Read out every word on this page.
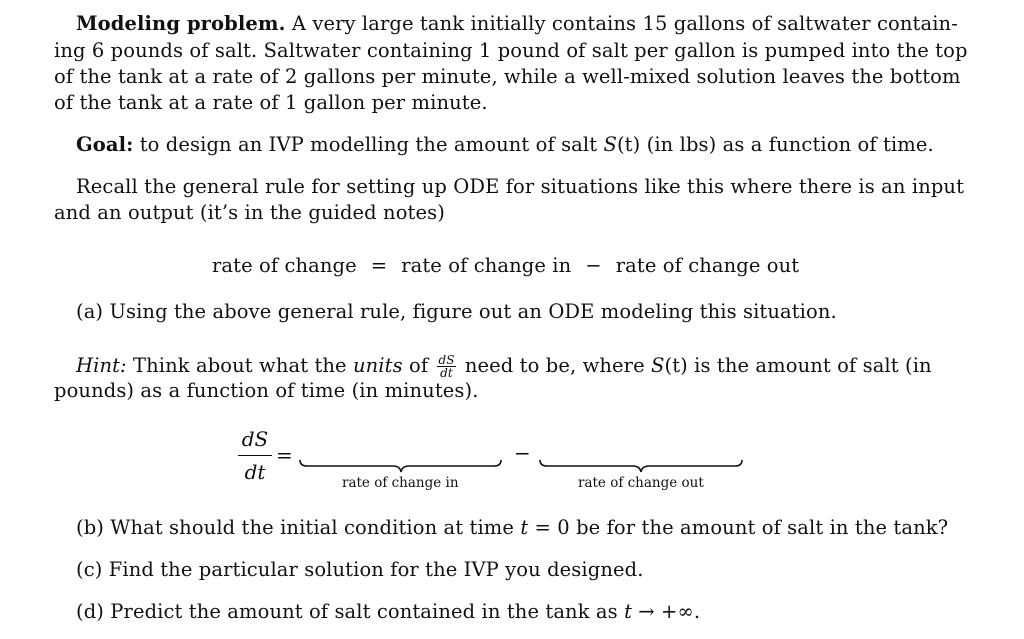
Modeling problem. A very large tank initially contains 15 gallons of saltwater contain-
ing 6 pounds of salt. Saltwater containing 1 pound of salt per gallon is pumped into the top
of the tank at a rate of 2 gallons per minute, while a well-mixed solution leaves the bottom
of the tank at a rate of 1 gallon per minute.
Goal: to design an IVP modelling the amount of salt S(t) (in lbs) as a function of time.
Recall the general rule for setting up ODE for situations like this where there is an input
and an output (it’s in the guided notes)
rate of change = rate of change in − rate of change out
(a) Using the above general rule, figure out an ODE modeling this situation.
Hint: Think about what the units of $\frac{dS}{dt}$ need to be, where S(t) is the amount of salt (in
pounds) as a function of time (in minutes).
$\frac{dS}{dt}$ =	−
rate of change in	rate of change out
(b) What should the initial condition at time t = 0 be for the amount of salt in the tank?
(c) Find the particular solution for the IVP you designed.
(d) Predict the amount of salt contained in the tank as t → +∞.
